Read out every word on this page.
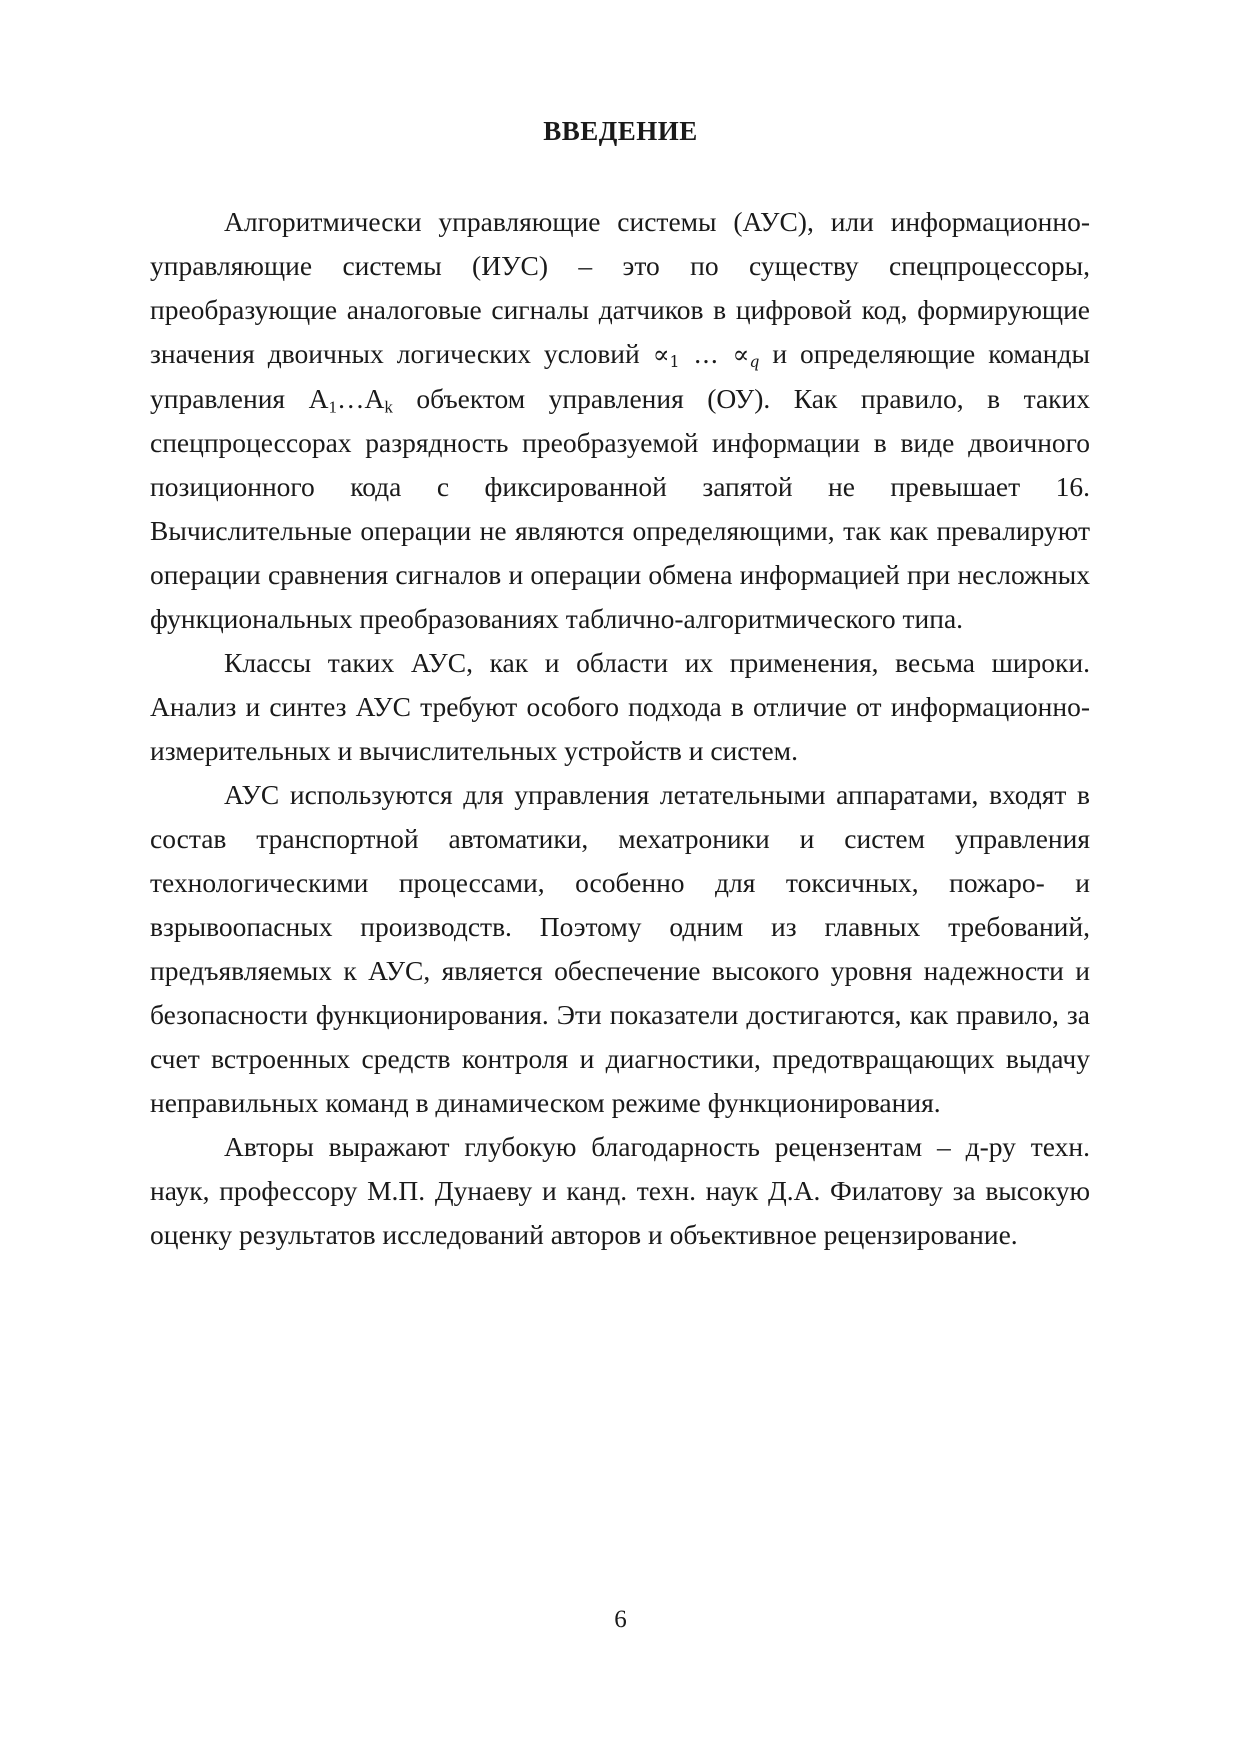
ВВЕДЕНИЕ

Алгоритмически управляющие системы (АУС), или информационно-управляющие системы (ИУС) – это по существу спецпроцессоры, преобразующие аналоговые сигналы датчиков в цифровой код, формирующие значения двоичных логических условий $\propto_1$ … $\propto_q$ и определяющие команды управления $A_1\dots A_k$ объектом управления (ОУ). Как правило, в таких спецпроцессорах разрядность преобразуемой информации в виде двоичного позиционного кода с фиксированной запятой не превышает 16. Вычислительные операции не являются определяющими, так как превалируют операции сравнения сигналов и операции обмена информацией при несложных функциональных преобразованиях таблично-алгоритмического типа.

Классы таких АУС, как и области их применения, весьма широки. Анализ и синтез АУС требуют особого подхода в отличие от информационно-измерительных и вычислительных устройств и систем.

АУС используются для управления летательными аппаратами, входят в состав транспортной автоматики, мехатроники и систем управления технологическими процессами, особенно для токсичных, пожаро- и взрывоопасных производств. Поэтому одним из главных требований, предъявляемых к АУС, является обеспечение высокого уровня надежности и безопасности функционирования. Эти показатели достигаются, как правило, за счет встроенных средств контроля и диагностики, предотвращающих выдачу неправильных команд в динамическом режиме функционирования.

Авторы выражают глубокую благодарность рецензентам – д-ру техн. наук, профессору М.П. Дунаеву и канд. техн. наук Д.А. Филатову за высокую оценку результатов исследований авторов и объективное рецензирование.

6
